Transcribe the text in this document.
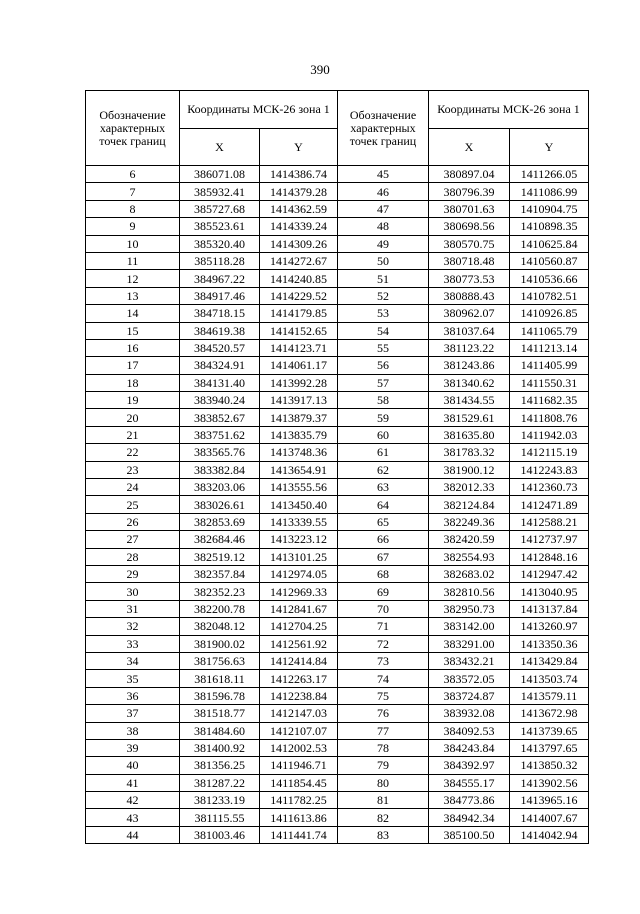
390
Обозначение характерных точек границ	Координаты МСК-26 зона 1	
	X	Y
6	386071.08	1414386.74
7	385932.41	1414379.28
8	385727.68	1414362.59
9	385523.61	1414339.24
10	385320.40	1414309.26
11	385118.28	1414272.67
12	384967.22	1414240.85
13	384917.46	1414229.52
14	384718.15	1414179.85
15	384619.38	1414152.65
16	384520.57	1414123.71
17	384324.91	1414061.17
18	384131.40	1413992.28
19	383940.24	1413917.13
20	383852.67	1413879.37
21	383751.62	1413835.79
22	383565.76	1413748.36
23	383382.84	1413654.91
24	383203.06	1413555.56
25	383026.61	1413450.40
26	382853.69	1413339.55
27	382684.46	1413223.12
28	382519.12	1413101.25
29	382357.84	1412974.05
30	382352.23	1412969.33
31	382200.78	1412841.67
32	382048.12	1412704.25
33	381900.02	1412561.92
34	381756.63	1412414.84
35	381618.11	1412263.17
36	381596.78	1412238.84
37	381518.77	1412147.03
38	381484.60	1412107.07
39	381400.92	1412002.53
40	381356.25	1411946.71
41	381287.22	1411854.45
42	381233.19	1411782.25
43	381115.55	1411613.86
44	381003.46	1411441.74
Обозначение характерных точек границ	Координаты МСК-26 зона 1	
	X	Y
45	380897.04	1411266.05
46	380796.39	1411086.99
47	380701.63	1410904.75
48	380698.56	1410898.35
49	380570.75	1410625.84
50	380718.48	1410560.87
51	380773.53	1410536.66
52	380888.43	1410782.51
53	380962.07	1410926.85
54	381037.64	1411065.79
55	381123.22	1411213.14
56	381243.86	1411405.99
57	381340.62	1411550.31
58	381434.55	1411682.35
59	381529.61	1411808.76
60	381635.80	1411942.03
61	381783.32	1412115.19
62	381900.12	1412243.83
63	382012.33	1412360.73
64	382124.84	1412471.89
65	382249.36	1412588.21
66	382420.59	1412737.97
67	382554.93	1412848.16
68	382683.02	1412947.42
69	382810.56	1413040.95
70	382950.73	1413137.84
71	383142.00	1413260.97
72	383291.00	1413350.36
73	383432.21	1413429.84
74	383572.05	1413503.74
75	383724.87	1413579.11
76	383932.08	1413672.98
77	384092.53	1413739.65
78	384243.84	1413797.65
79	384392.97	1413850.32
80	384555.17	1413902.56
81	384773.86	1413965.16
82	384942.34	1414007.67
83	385100.50	1414042.94
